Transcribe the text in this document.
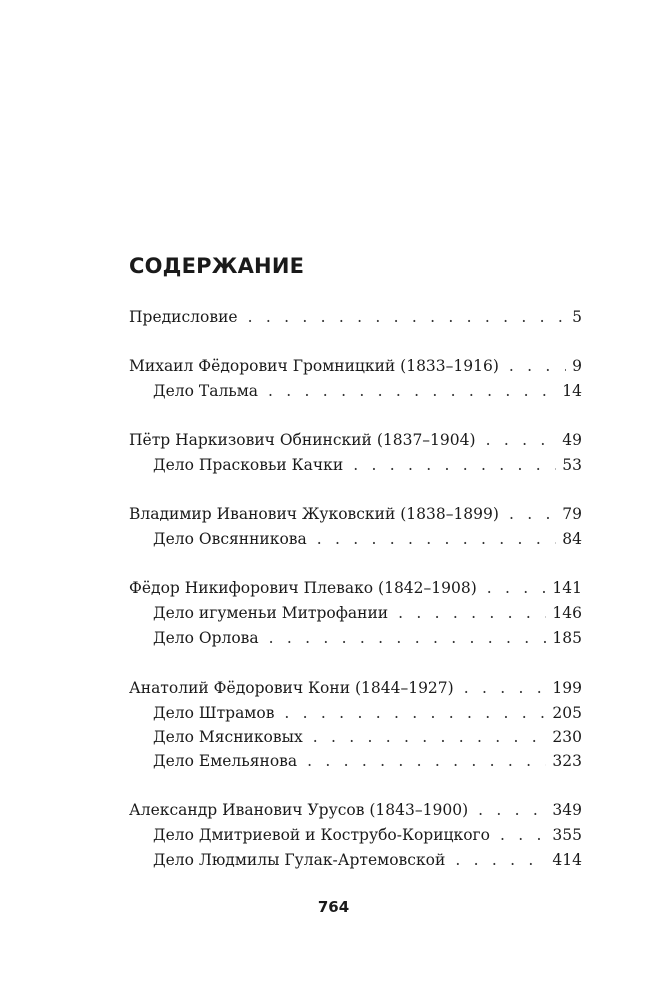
СОДЕРЖАНИЕ
Предисловие . . .	5
Михаил Фёдорович Громницкий (1833–1916) . . .	9
Дело Тальма . . .	14
Пётр Наркизович Обнинский (1837–1904) . . .	49
Дело Прасковьи Качки . . .	53
Владимир Иванович Жуковский (1838–1899) . . .	79
Дело Овсянникова . . .	84
Фёдор Никифорович Плевако (1842–1908) . . .	141
Дело игуменьи Митрофании . . .	146
Дело Орлова . . .	185
Анатолий Фёдорович Кони (1844–1927) . . .	199
Дело Штрамов . . .	205
Дело Мясниковых . . .	230
Дело Емельянова . . .	323
Александр Иванович Урусов (1843–1900) . . .	349
Дело Дмитриевой и Кострубо-Корицкого . . .	355
Дело Людмилы Гулак-Артемовской . . .	414
764
